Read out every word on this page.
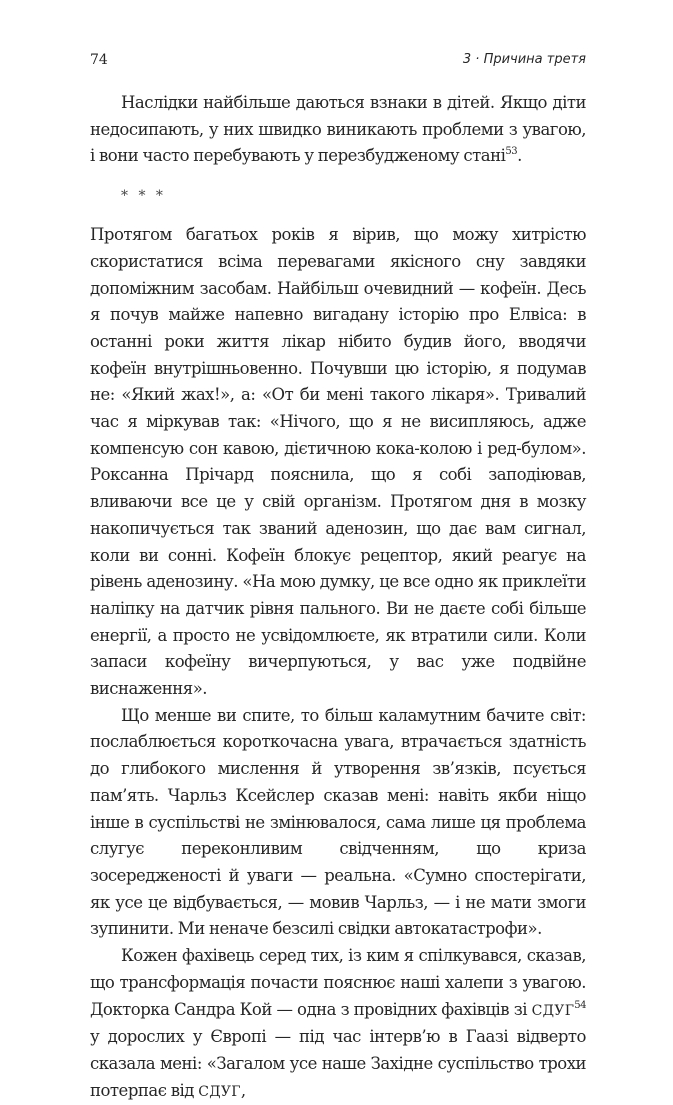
74	3 · Причина третя

Наслідки найбільше даються взнаки в дітей. Якщо діти недосипають, у них швидко виникають проблеми з увагою, і вони часто перебувають у перезбудженому стані$^{53}$.

* * *

Протягом багатьох років я вірив, що можу хитрістю скористатися всіма перевагами якісного сну завдяки допоміжним засобам. Найбільш очевидний — кофеїн. Десь я почув майже напевно вигадану історію про Елвіса: в останні роки життя лікар нібито будив його, вводячи кофеїн внутрішньовенно. Почувши цю історію, я подумав не: «Який жах!», а: «От би мені такого лікаря». Тривалий час я міркував так: «Нічого, що я не висипляюсь, адже компенсую сон кавою, дієтичною кока-колою і ред-булом». Роксанна Прічард пояснила, що я собі заподіював, вливаючи все це у свій організм. Протягом дня в мозку накопичується так званий аденозин, що дає вам сигнал, коли ви сонні. Кофеїн блокує рецептор, який реагує на рівень аденозину. «На мою думку, це все одно як приклеїти наліпку на датчик рівня пального. Ви не даєте собі більше енергії, а просто не усвідомлюєте, як втратили сили. Коли запаси кофеїну вичерпуються, у вас уже подвійне виснаження».

Що менше ви спите, то більш каламутним бачите світ: послаблюється короткочасна увага, втрачається здатність до глибокого мислення й утворення зв’язків, псується пам’ять. Чарльз Ксейслер сказав мені: навіть якби ніщо інше в суспільстві не змінювалося, сама лише ця проблема слугує переконливим свідченням, що криза зосередженості й уваги — реальна. «Сумно спостерігати, як усе це відбувається, — мовив Чарльз, — і не мати змоги зупинити. Ми неначе безсилі свідки автокатастрофи».

Кожен фахівець серед тих, із ким я спілкувався, сказав, що трансформація почасти пояснює наші халепи з увагою. Докторка Сандра Кой — одна з провідних фахівців зі СДУГ$^{54}$ у дорослих у Європі — під час інтерв’ю в Гаазі відверто сказала мені: «Загалом усе наше Західне суспільство трохи потерпає від СДУГ,
